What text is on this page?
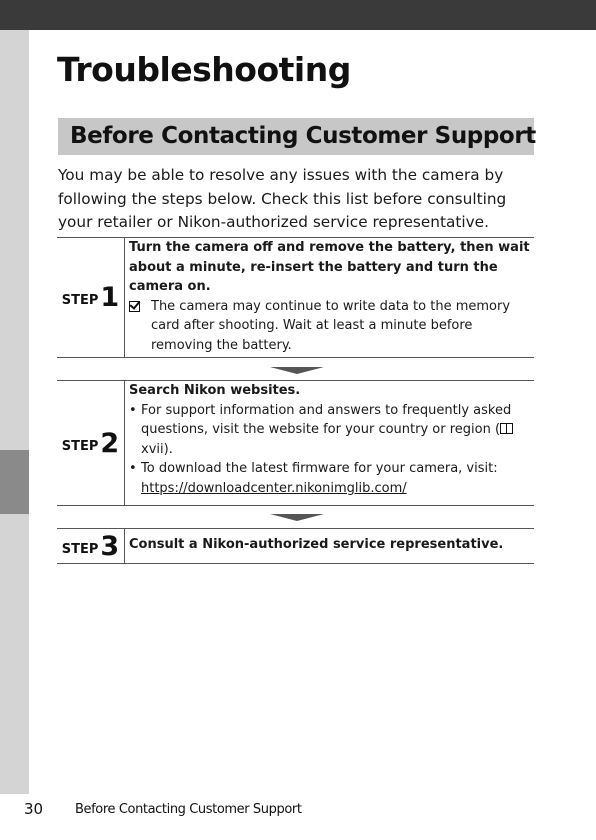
Troubleshooting
Before Contacting Customer Support

You may be able to resolve any issues with the camera by following the steps below. Check this list before consulting your retailer or Nikon-authorized service representative.

STEP 1
Turn the camera off and remove the battery, then wait about a minute, re-insert the battery and turn the camera on.
The camera may continue to write data to the memory card after shooting. Wait at least a minute before removing the battery.
STEP 2
Search Nikon websites.
• For support information and answers to frequently asked questions, visit the website for your country or region (xvii).
• To download the latest firmware for your camera, visit:
https://downloadcenter.nikonimglib.com/
STEP 3 Consult a Nikon-authorized service representative.
30 Before Contacting Customer Support
